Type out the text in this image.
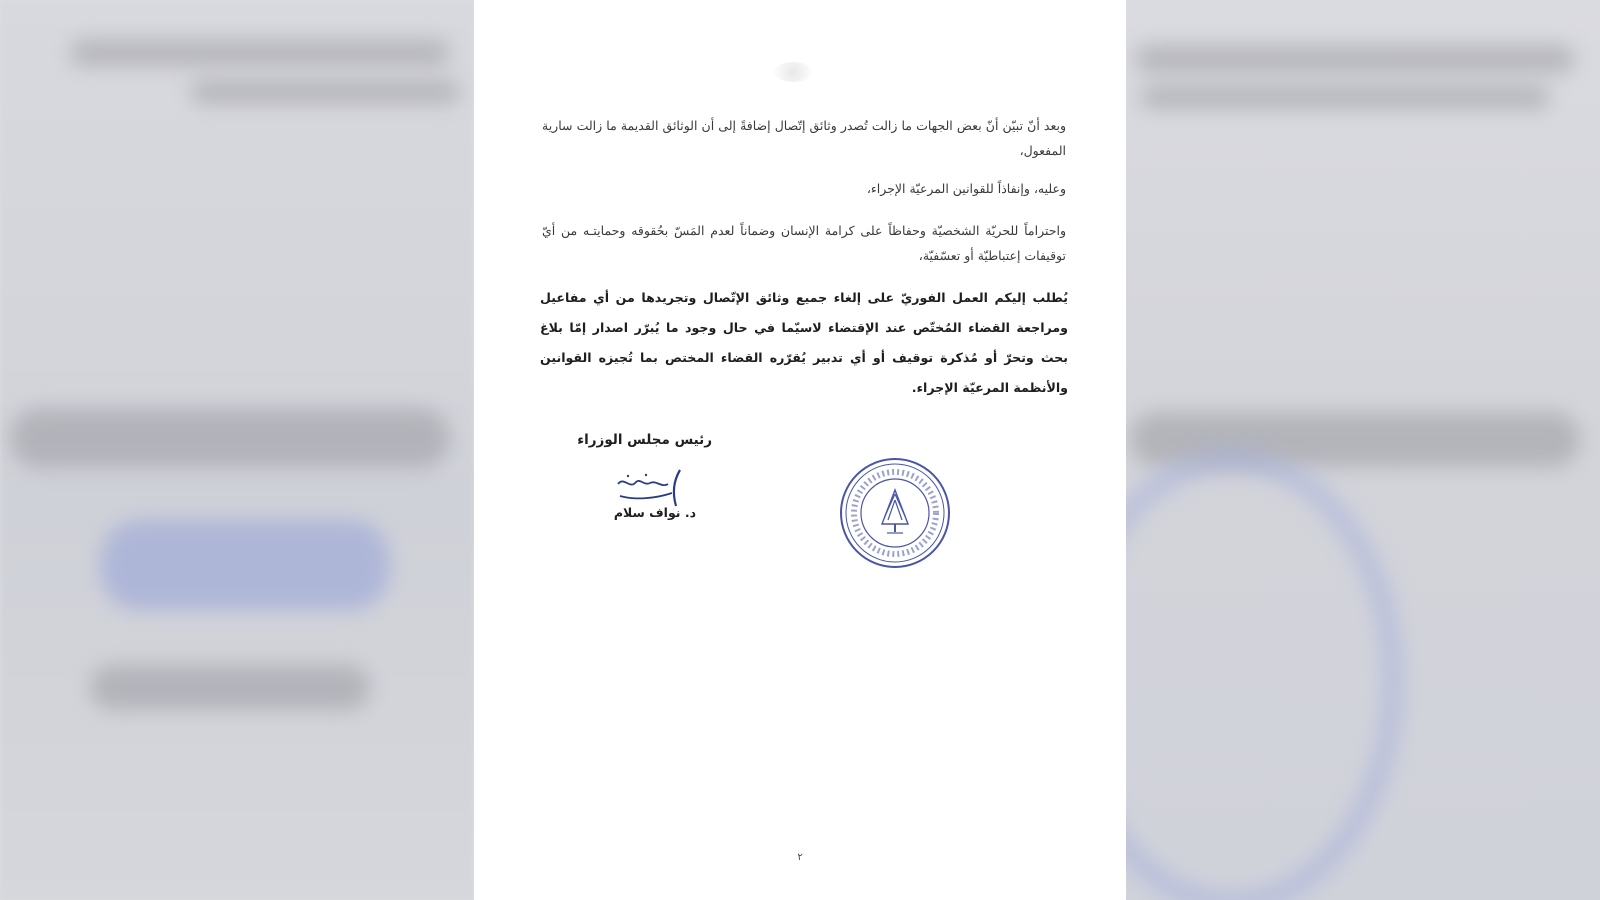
وبعد أنّ تبيّن أنّ بعض الجهات ما زالت تُصدر وثائق إتّصال إضافةً إلى أن الوثائق القديمة ما زالت سارية المفعول،
وعليه، وإنفاذاً للقوانين المرعيّة الإجراء،
واحتراماً للحريّة الشخصيّة وحفاظاً على كرامة الإنسان وضماناً لعدم المَسّ بحُقوقه وحمايتـه من أيّ توقيفات إعتباطيّة أو تعسّفيّة،
يُطلب إليكم العمل الفوريّ على إلغاء جميع وثائق الإتّصال وتجريدها من أي مفاعيل ومراجعة القضاء المُختّص عند الإقتضاء لاسيّما في حال وجود ما يُبرّر اصدار إمّا بلاغ بحث وتحرّ أو مُذكرة توقيف أو أي تدبير يُقرّره القضاء المختص بما تُجيزه القوانين والأنظمة المرعيّة الإجراء.
رئيس مجلس الوزراء
د. نواف سلام
٢
